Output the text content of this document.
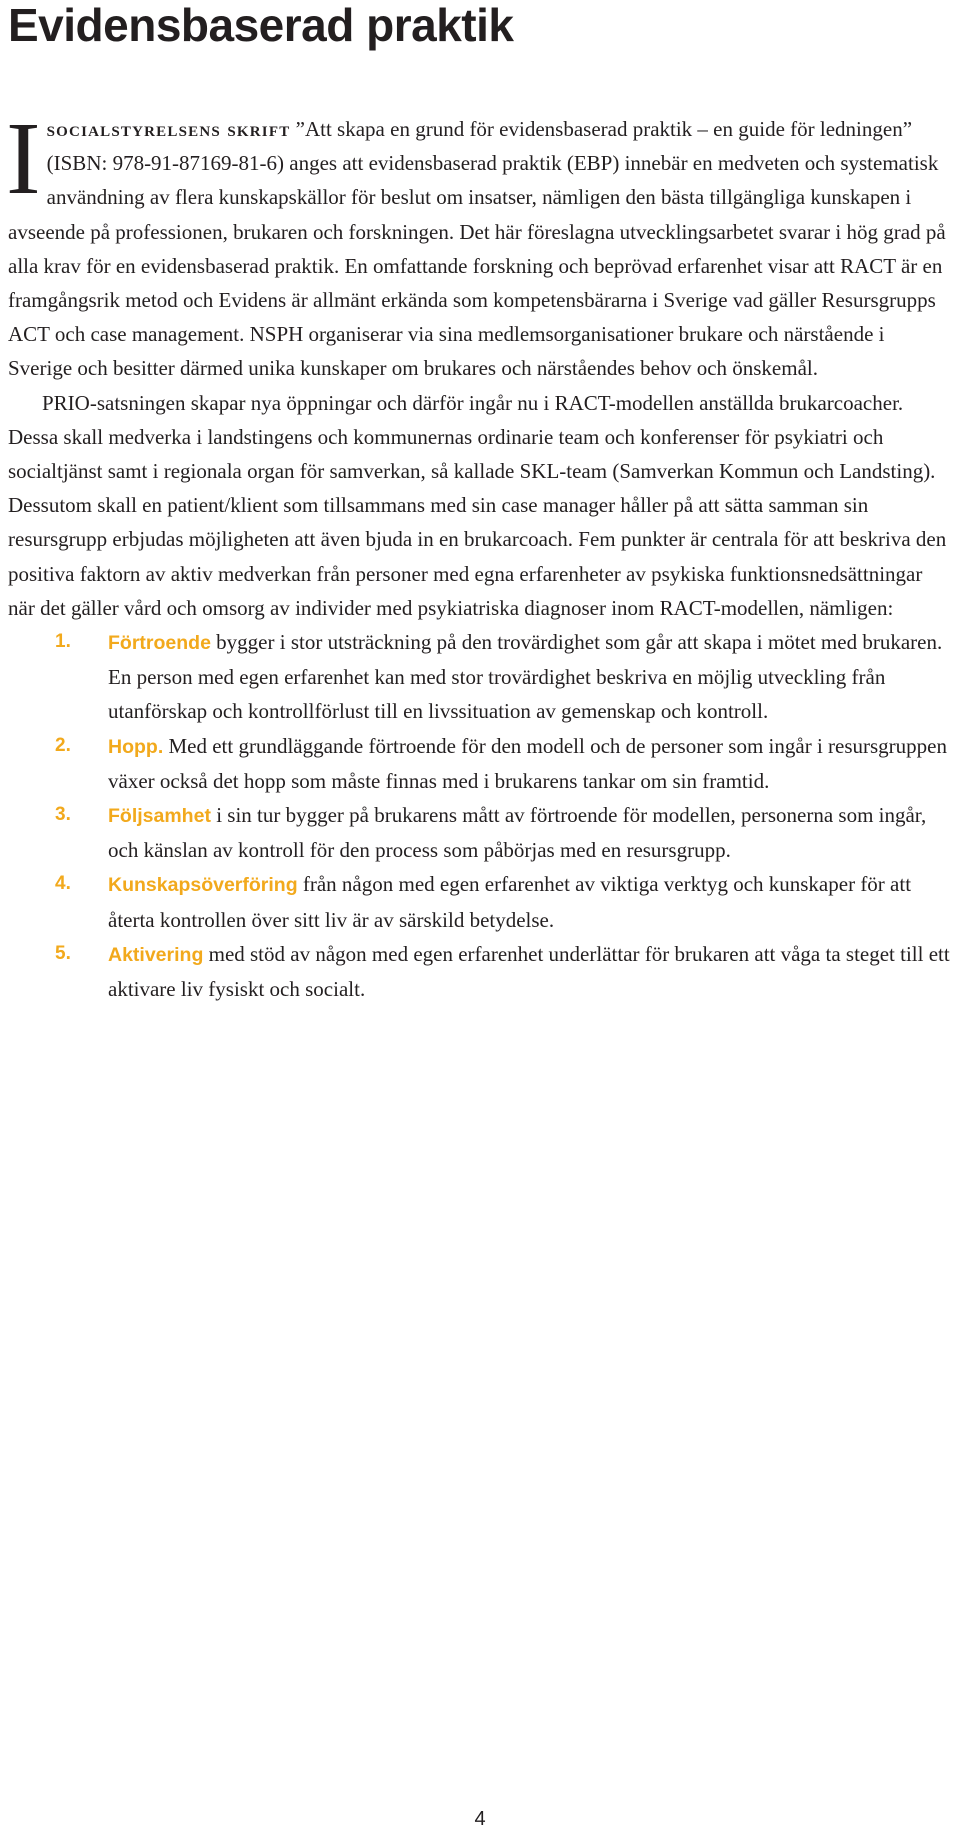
Evidensbaserad praktik

Isocialstyrelsens skrift ”Att skapa en grund för evidensbaserad praktik – en guide för ledningen” (ISBN: 978-91-87169-81-6) anges att evidensbaserad praktik (EBP) innebär en medveten och systematisk användning av flera kunskapskällor för beslut om insatser, nämligen den bästa tillgängliga kunskapen i avseende på professionen, brukaren och forskningen. Det här föreslagna utvecklingsarbetet svarar i hög grad på alla krav för en evidensbaserad praktik. En omfattande forskning och beprövad erfarenhet visar att RACT är en framgångsrik metod och Evidens är allmänt erkända som kompetensbärarna i Sverige vad gäller Resursgrupps ACT och case management. NSPH organiserar via sina medlemsorganisationer brukare och närstående i Sverige och besitter därmed unika kunskaper om brukares och närståendes behov och önskemål.

PRIO-satsningen skapar nya öppningar och därför ingår nu i RACT-modellen anställda brukarcoacher. Dessa skall medverka i landstingens och kommunernas ordinarie team och konferenser för psykiatri och socialtjänst samt i regionala organ för samverkan, så kallade SKL-team (Samverkan Kommun och Landsting). Dessutom skall en patient/klient som tillsammans med sin case manager håller på att sätta samman sin resursgrupp erbjudas möjligheten att även bjuda in en brukarcoach. Fem punkter är centrala för att beskriva den positiva faktorn av aktiv medverkan från personer med egna erfarenheter av psykiska funktionsnedsättningar när det gäller vård och omsorg av individer med psykiatriska diagnoser inom RACT-modellen, nämligen:

1. Förtroende bygger i stor utsträckning på den trovärdighet som går att skapa i mötet med brukaren. En person med egen erfarenhet kan med stor trovärdighet beskriva en möjlig utveckling från utanförskap och kontrollförlust till en livssituation av gemenskap och kontroll.
2. Hopp. Med ett grundläggande förtroende för den modell och de personer som ingår i resursgruppen växer också det hopp som måste finnas med i brukarens tankar om sin framtid.
3. Följsamhet i sin tur bygger på brukarens mått av förtroende för modellen, personerna som ingår, och känslan av kontroll för den process som påbörjas med en resursgrupp.
4. Kunskapsöverföring från någon med egen erfarenhet av viktiga verktyg och kunskaper för att återta kontrollen över sitt liv är av särskild betydelse.
5. Aktivering med stöd av någon med egen erfarenhet underlättar för brukaren att våga ta steget till ett aktivare liv fysiskt och socialt.
4
